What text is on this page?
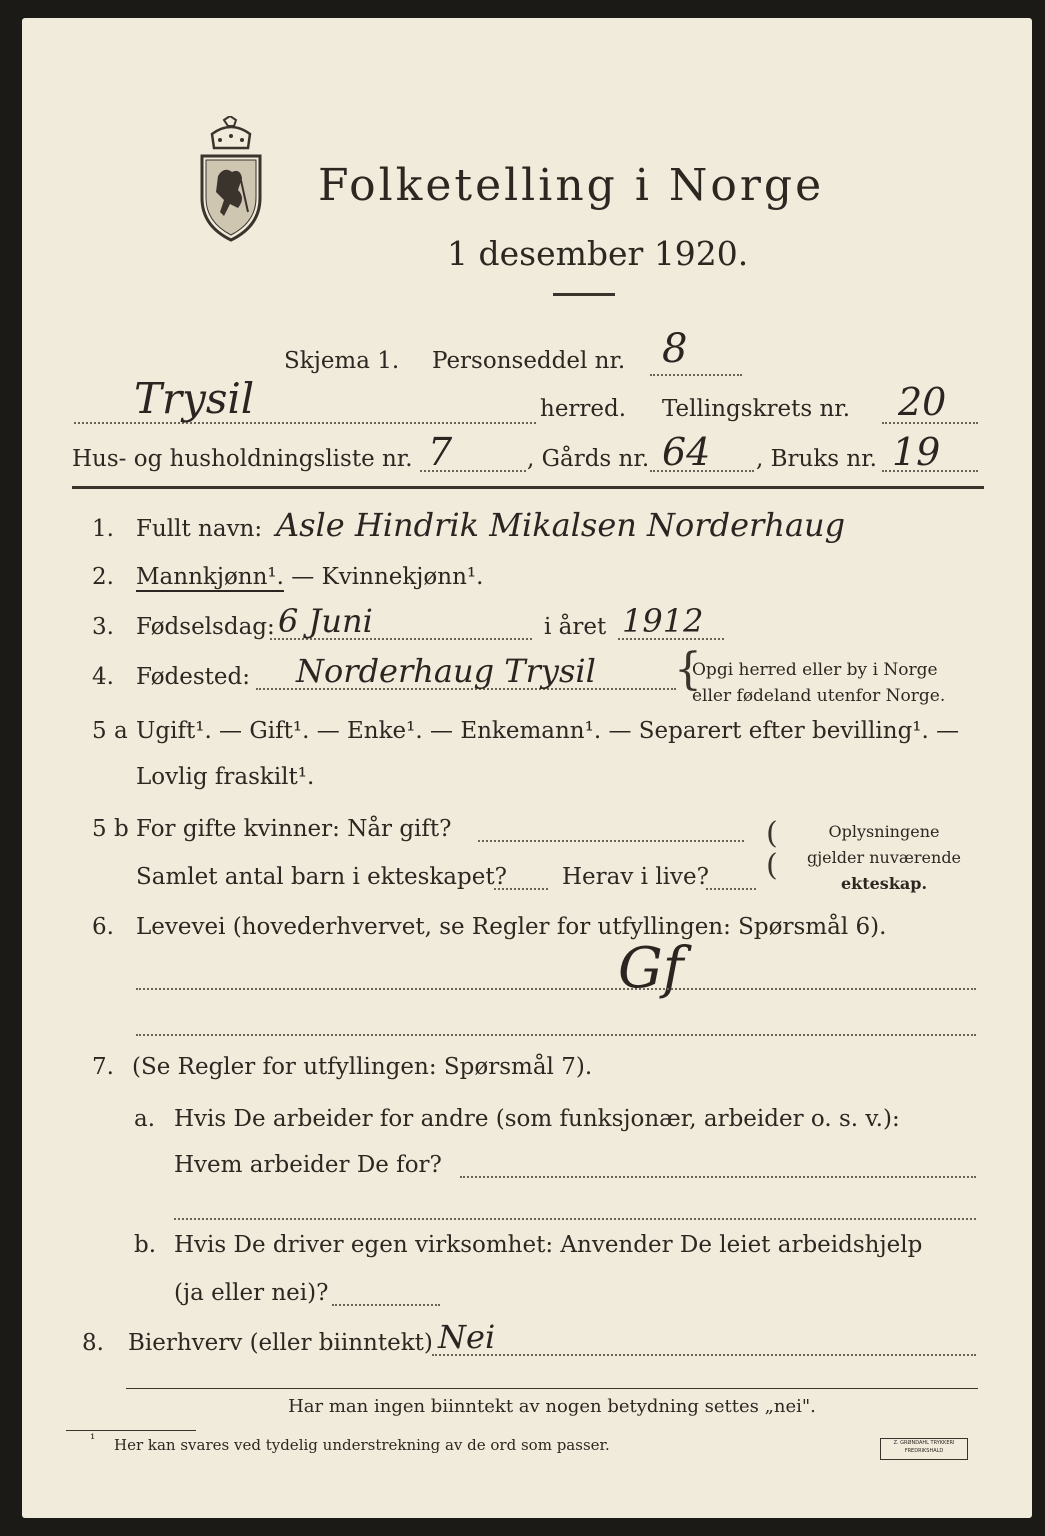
Folketelling i Norge
1 desember 1920.
Skjema 1. Personseddel nr. 8
Trysil	herred. Tellingskrets nr. 20
Hus- og husholdningsliste nr. 7	, Gårds nr. 64 , Bruks nr. 19
1. Fullt navn: Asle Hindrik Mikalsen Norderhaug
2. Mannkjønn¹. — Kvinnekjønn¹.
3. Fødselsdag: 6 Juni	i året 1912
4. Fødested: Norderhaug Trysil {
Opgi herred eller by i Norge
eller fødeland utenfor Norge.
5 a Ugift¹. — Gift¹. — Enke¹. — Enkemann¹. — Separert efter bevilling¹. —
Lovlig fraskilt¹.
5 b For gifte kvinner: Når gift?
Samlet antal barn i ekteskapet? Herav i live?
(
(
Oplysningene
gjelder nuværende
ekteskap.
6. Levevei (hovederhvervet, se Regler for utfyllingen: Spørsmål 6).
Gf
7. (Se Regler for utfyllingen: Spørsmål 7).
a. Hvis De arbeider for andre (som funksjonær, arbeider o. s. v.):
Hvem arbeider De for?
b. Hvis De driver egen virksomhet: Anvender De leiet arbeidshjelp
(ja eller nei)?
8. Bierhverv (eller biinntekt) Nei
Har man ingen biinntekt av nogen betydning settes „nei".
¹ Her kan svares ved tydelig understrekning av de ord som passer.	Z. GRØNDAHL TRYKKERI
FREDRIKSHALD
